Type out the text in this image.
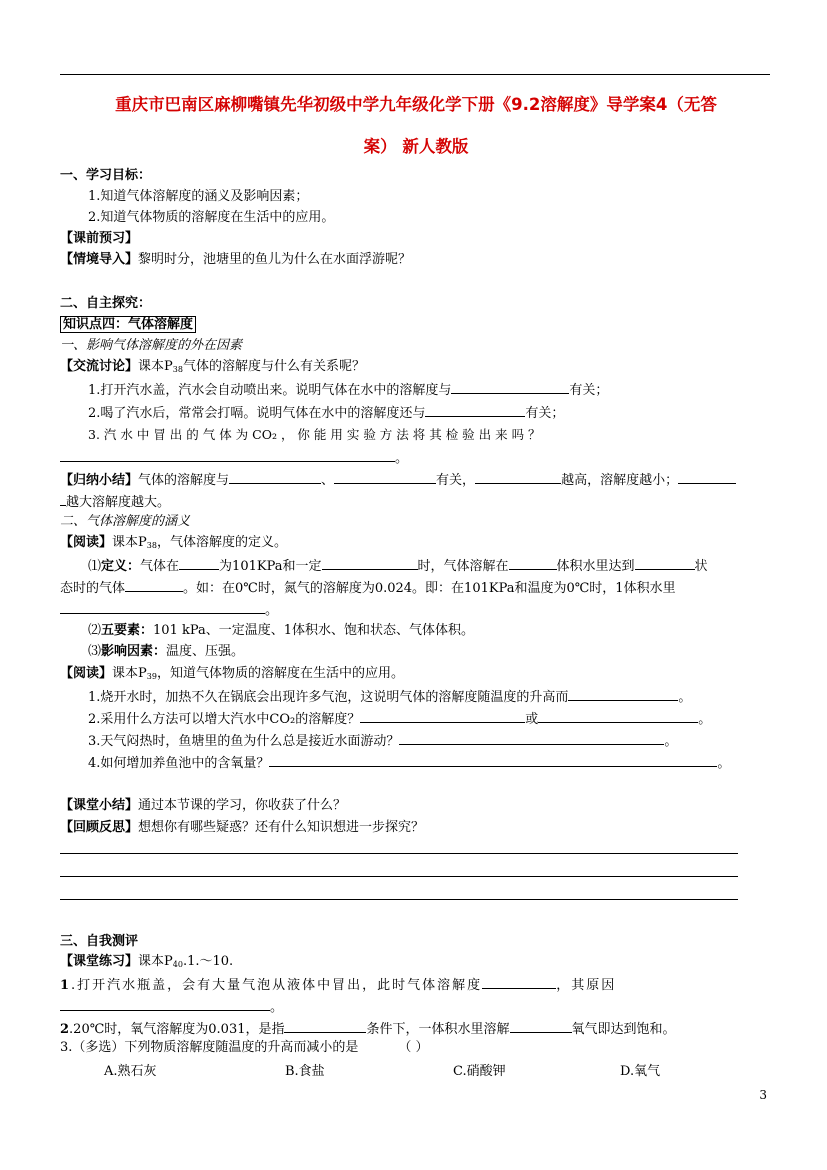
重庆市巴南区麻柳嘴镇先华初级中学九年级化学下册《9.2溶解度》导学案4（无答
案） 新人教版
一、学习目标：
1.知道气体溶解度的涵义及影响因素；
2.知道气体物质的溶解度在生活中的应用。
【课前预习】
【情境导入】黎明时分，池塘里的鱼儿为什么在水面浮游呢？
二、自主探究：
知识点四：气体溶解度
一、影响气体溶解度的外在因素
【交流讨论】课本$P_{38}$气体的溶解度与什么有关系呢？
1.打开汽水盖，汽水会自动喷出来。说明气体在水中的溶解度与	有关；
2.喝了汽水后，常常会打嗝。说明气体在水中的溶解度还与	有关；
3. 汽 水 中 冒 出 的 气 体 为 CO₂ ， 你 能 用 实 验 方 法 将 其 检 验 出 来 吗 ？
。
【归纳小结】气体的溶解度与	、	有关，	越高，溶解度越小；
越大溶解度越大。
二、气体溶解度的涵义
【阅读】课本$P_{38}$，气体溶解度的定义。
⑴定义：气体在	为101KPa和一定	时，气体溶解在	体积水里达到	状
态时的气体	。如：在0℃时，氮气的溶解度为0.024。即：在101KPa和温度为0℃时，1体积水里
。
⑵五要素：101 kPa、一定温度、1体积水、饱和状态、气体体积。
⑶影响因素：温度、压强。
【阅读】课本$P_{39}$，知道气体物质的溶解度在生活中的应用。
1.烧开水时，加热不久在锅底会出现许多气泡，这说明气体的溶解度随温度的升高而	。
2.采用什么方法可以增大汽水中CO₂的溶解度？	或	。
3.天气闷热时，鱼塘里的鱼为什么总是接近水面游动？	。
4.如何增加养鱼池中的含氧量？	。
【课堂小结】通过本节课的学习，你收获了什么？
【回顾反思】想想你有哪些疑惑？还有什么知识想进一步探究？
三、自我测评
【课堂练习】课本$P_{40}.1.\sim 10$.
1.打开汽水瓶盖，会有大量气泡从液体中冒出，此时气体溶解度	，其原因
。
2.20℃时，氧气溶解度为0.031，是指	条件下，一体积水里溶解	氧气即达到饱和。
3.（多选）下列物质溶解度随温度的升高而减小的是	（ ）
A.熟石灰	B.食盐	C.硝酸钾	D.氧气
3
